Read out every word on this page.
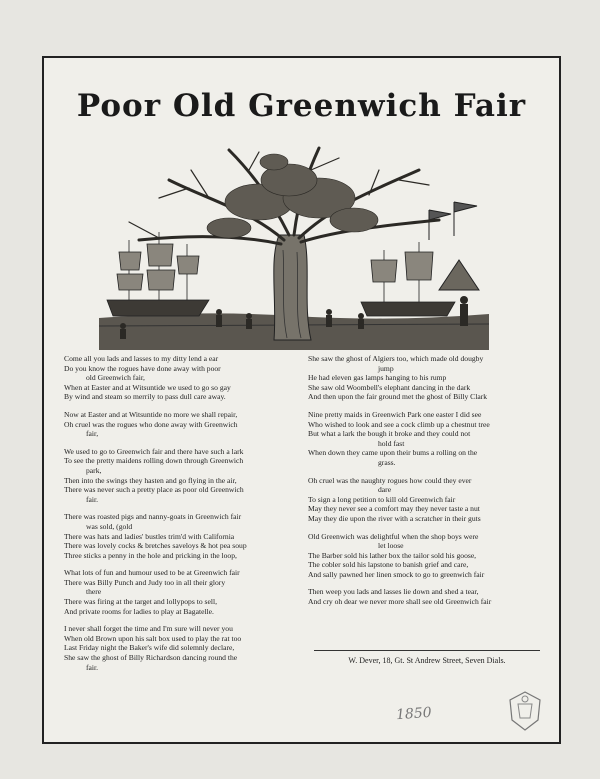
Poor Old Greenwich Fair
Come all you lads and lasses to my ditty lend a ear
Do you know the rogues have done away with poor
old Greenwich fair,
When at Easter and at Witsuntide we used to go so gay
By wind and steam so merrily to pass dull care away.
Now at Easter and at Witsuntide no more we shall repair,
Oh cruel was the rogues who done away with Greenwich
fair,
We used to go to Greenwich fair and there have such a lark
To see the pretty maidens rolling down through Greenwich
park,
Then into the swings they hasten and go flying in the air,
There was never such a pretty place as poor old Greenwich
fair.
There was roasted pigs and nanny-goats in Greenwich fair
was sold, (gold
There was hats and ladies' bustles trim'd with California
There was lovely cocks & bretches saveloys & hot pea soup
Three sticks a penny in the hole and pricking in the loop,
What lots of fun and humour used to be at Greenwich fair
There was Billy Punch and Judy too in all their glory
there
There was firing at the target and lollypops to sell,
And private rooms for ladies to play at Bagatelle.
I never shall forget the time and I'm sure will never you
When old Brown upon his salt box used to play the rat too
Last Friday night the Baker's wife did solemnly declare,
She saw the ghost of Billy Richardson dancing round the
fair.
She saw the ghost of Algiers too, which made old dougby
jump
He had eleven gas lamps hanging to his rump
She saw old Woombell's elephant dancing in the dark
And then upon the fair ground met the ghost of Billy Clark
Nine pretty maids in Greenwich Park one easter I did see
Who wished to look and see a cock climb up a chestnut tree
But what a lark the bough it broke and they could not
hold fast
When down they came upon their bums a rolling on the
grass.
Oh cruel was the naughty rogues how could they ever
dare
To sign a long petition to kill old Greenwich fair
May they never see a comfort may they never taste a nut
May they die upon the river with a scratcher in their guts
Old Greenwich was delightful when the shop boys were
let loose
The Barber sold his lather box the tailor sold his goose,
The cobler sold his lapstone to banish grief and care,
And sally pawned her linen smock to go to greenwich fair
Then weep you lads and lasses lie down and shed a tear,
And cry oh dear we never more shall see old Greenwich fair
W. Dever, 18, Gt. St Andrew Street, Seven Dials.
1850
